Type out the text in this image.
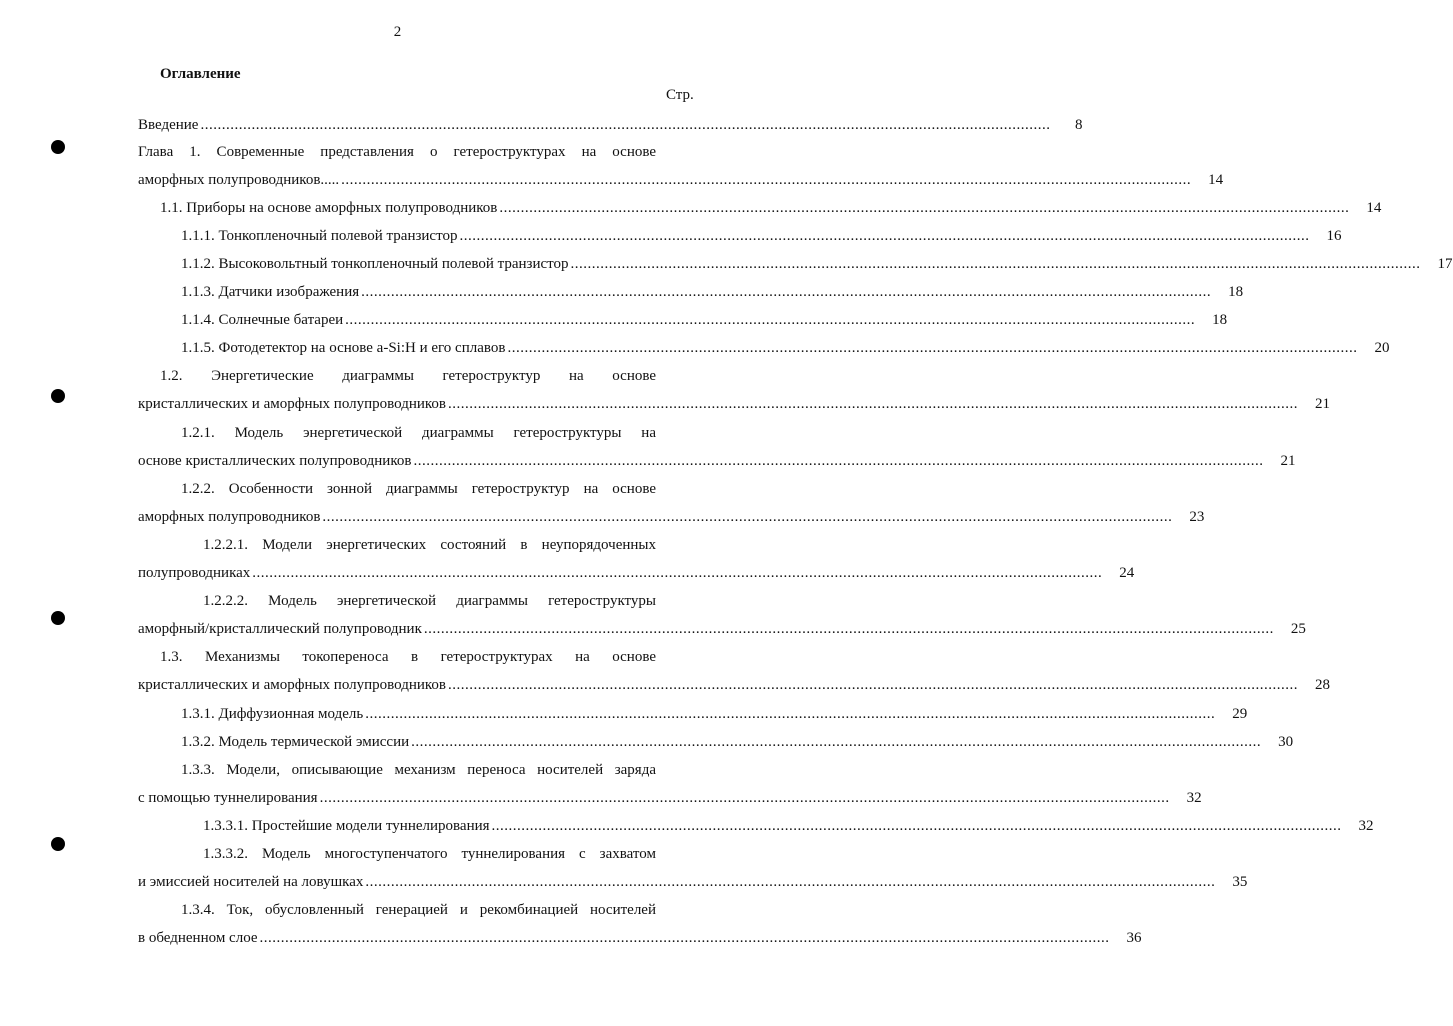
2
Оглавление
Стр.
Введение ........................................................................................................................................................................................................	8
Глава 1. Современные представления о гетероструктурах на основе
аморфных полупроводников..... ........................................................................................................................................................................................................	14
1.1. Приборы на основе аморфных полупроводников ........................................................................................................................................................................................................	14
1.1.1. Тонкопленочный полевой транзистор ........................................................................................................................................................................................................	16
1.1.2. Высоковольтный тонкопленочный полевой транзистор ........................................................................................................................................................................................................	17
1.1.3. Датчики изображения ........................................................................................................................................................................................................	18
1.1.4. Солнечные батареи ........................................................................................................................................................................................................	18
1.1.5. Фотодетектор на основе a-Si:H и его сплавов ........................................................................................................................................................................................................	20
1.2. Энергетические диаграммы гетероструктур на основе
кристаллических и аморфных полупроводников ........................................................................................................................................................................................................	21
1.2.1. Модель энергетической диаграммы гетероструктуры на
основе кристаллических полупроводников ........................................................................................................................................................................................................	21
1.2.2. Особенности зонной диаграммы гетероструктур на основе
аморфных полупроводников ........................................................................................................................................................................................................	23
1.2.2.1. Модели энергетических состояний в неупорядоченных
полупроводниках ........................................................................................................................................................................................................	24
1.2.2.2. Модель энергетической диаграммы гетероструктуры
аморфный/кристаллический полупроводник ........................................................................................................................................................................................................	25
1.3. Механизмы токопереноса в гетероструктурах на основе
кристаллических и аморфных полупроводников ........................................................................................................................................................................................................	28
1.3.1. Диффузионная модель ........................................................................................................................................................................................................	29
1.3.2. Модель термической эмиссии ........................................................................................................................................................................................................	30
1.3.3. Модели, описывающие механизм переноса носителей заряда
с помощью туннелирования ........................................................................................................................................................................................................	32
1.3.3.1. Простейшие модели туннелирования ........................................................................................................................................................................................................	32
1.3.3.2. Модель многоступенчатого туннелирования с захватом
и эмиссией носителей на ловушках ........................................................................................................................................................................................................	35
1.3.4. Ток, обусловленный генерацией и рекомбинацией носителей
в обедненном слое ........................................................................................................................................................................................................	36
